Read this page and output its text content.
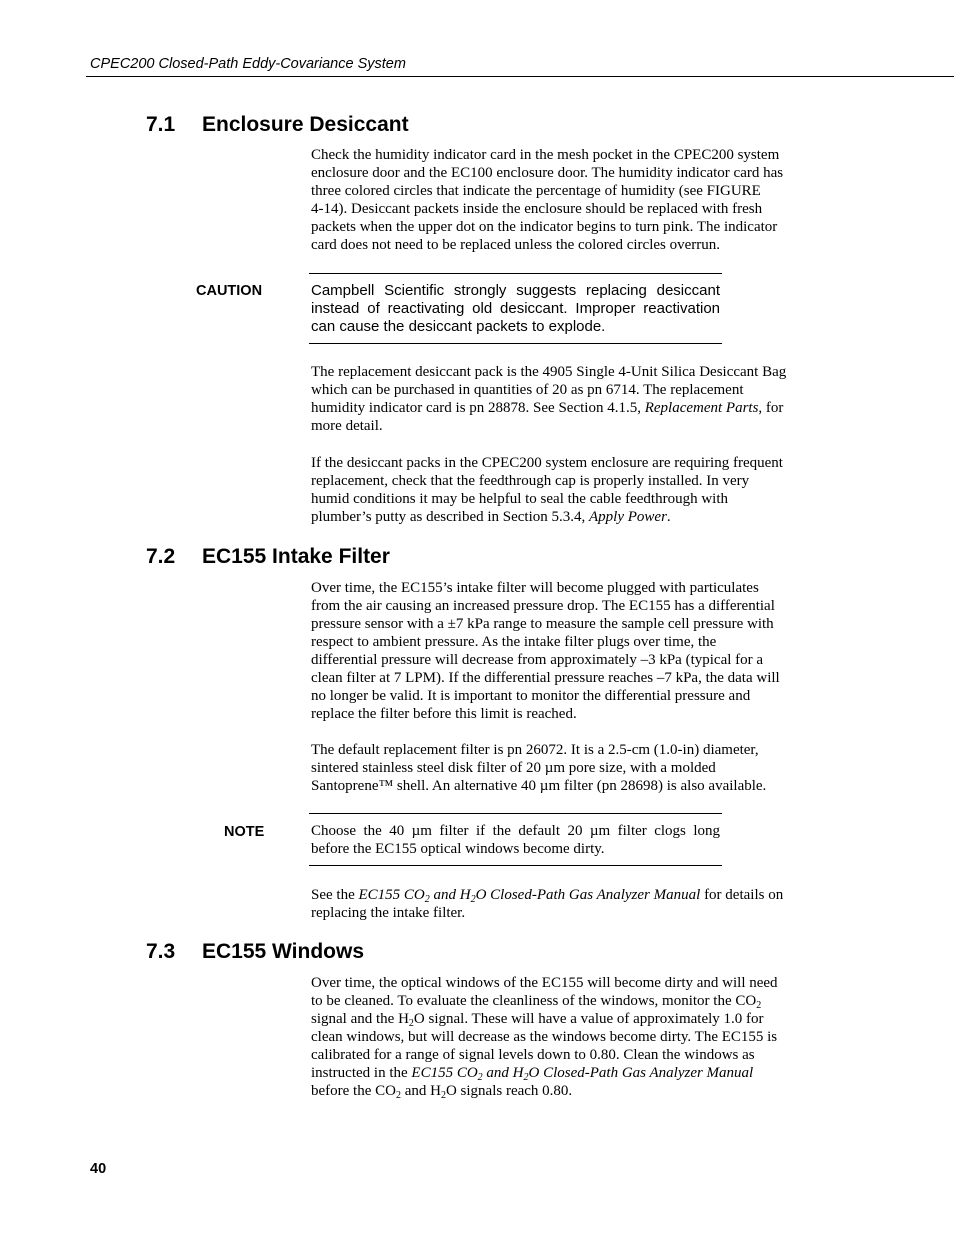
CPEC200 Closed-Path Eddy-Covariance System
7.1 Enclosure Desiccant
Check the humidity indicator card in the mesh pocket in the CPEC200 system
enclosure door and the EC100 enclosure door. The humidity indicator card has
three colored circles that indicate the percentage of humidity (see FIGURE
4-14). Desiccant packets inside the enclosure should be replaced with fresh
packets when the upper dot on the indicator begins to turn pink. The indicator
card does not need to be replaced unless the colored circles overrun.
CAUTION	Campbell Scientific strongly suggests replacing desiccant
instead of reactivating old desiccant. Improper reactivation
can cause the desiccant packets to explode.
The replacement desiccant pack is the 4905 Single 4-Unit Silica Desiccant Bag
which can be purchased in quantities of 20 as pn 6714. The replacement
humidity indicator card is pn 28878. See Section 4.1.5, Replacement Parts, for
more detail.
If the desiccant packs in the CPEC200 system enclosure are requiring frequent
replacement, check that the feedthrough cap is properly installed. In very
humid conditions it may be helpful to seal the cable feedthrough with
plumber’s putty as described in Section 5.3.4, Apply Power.
7.2 EC155 Intake Filter
Over time, the EC155’s intake filter will become plugged with particulates
from the air causing an increased pressure drop. The EC155 has a differential
pressure sensor with a ±7 kPa range to measure the sample cell pressure with
respect to ambient pressure. As the intake filter plugs over time, the
differential pressure will decrease from approximately –3 kPa (typical for a
clean filter at 7 LPM). If the differential pressure reaches –7 kPa, the data will
no longer be valid. It is important to monitor the differential pressure and
replace the filter before this limit is reached.
The default replacement filter is pn 26072. It is a 2.5-cm (1.0-in) diameter,
sintered stainless steel disk filter of 20 µm pore size, with a molded
Santoprene™ shell. An alternative 40 µm filter (pn 28698) is also available.
NOTE	Choose the 40 µm filter if the default 20 µm filter clogs long
before the EC155 optical windows become dirty.
See the EC155 $CO_2$ and $H_2O$ Closed-Path Gas Analyzer Manual for details on
replacing the intake filter.
7.3 EC155 Windows
Over time, the optical windows of the EC155 will become dirty and will need
to be cleaned. To evaluate the cleanliness of the windows, monitor the $CO_2$
signal and the $H_2O$ signal. These will have a value of approximately 1.0 for
clean windows, but will decrease as the windows become dirty. The EC155 is
calibrated for a range of signal levels down to 0.80. Clean the windows as
instructed in the EC155 $CO_2$ and $H_2O$ Closed-Path Gas Analyzer Manual
before the $CO_2$ and $H_2O$ signals reach 0.80.
40
